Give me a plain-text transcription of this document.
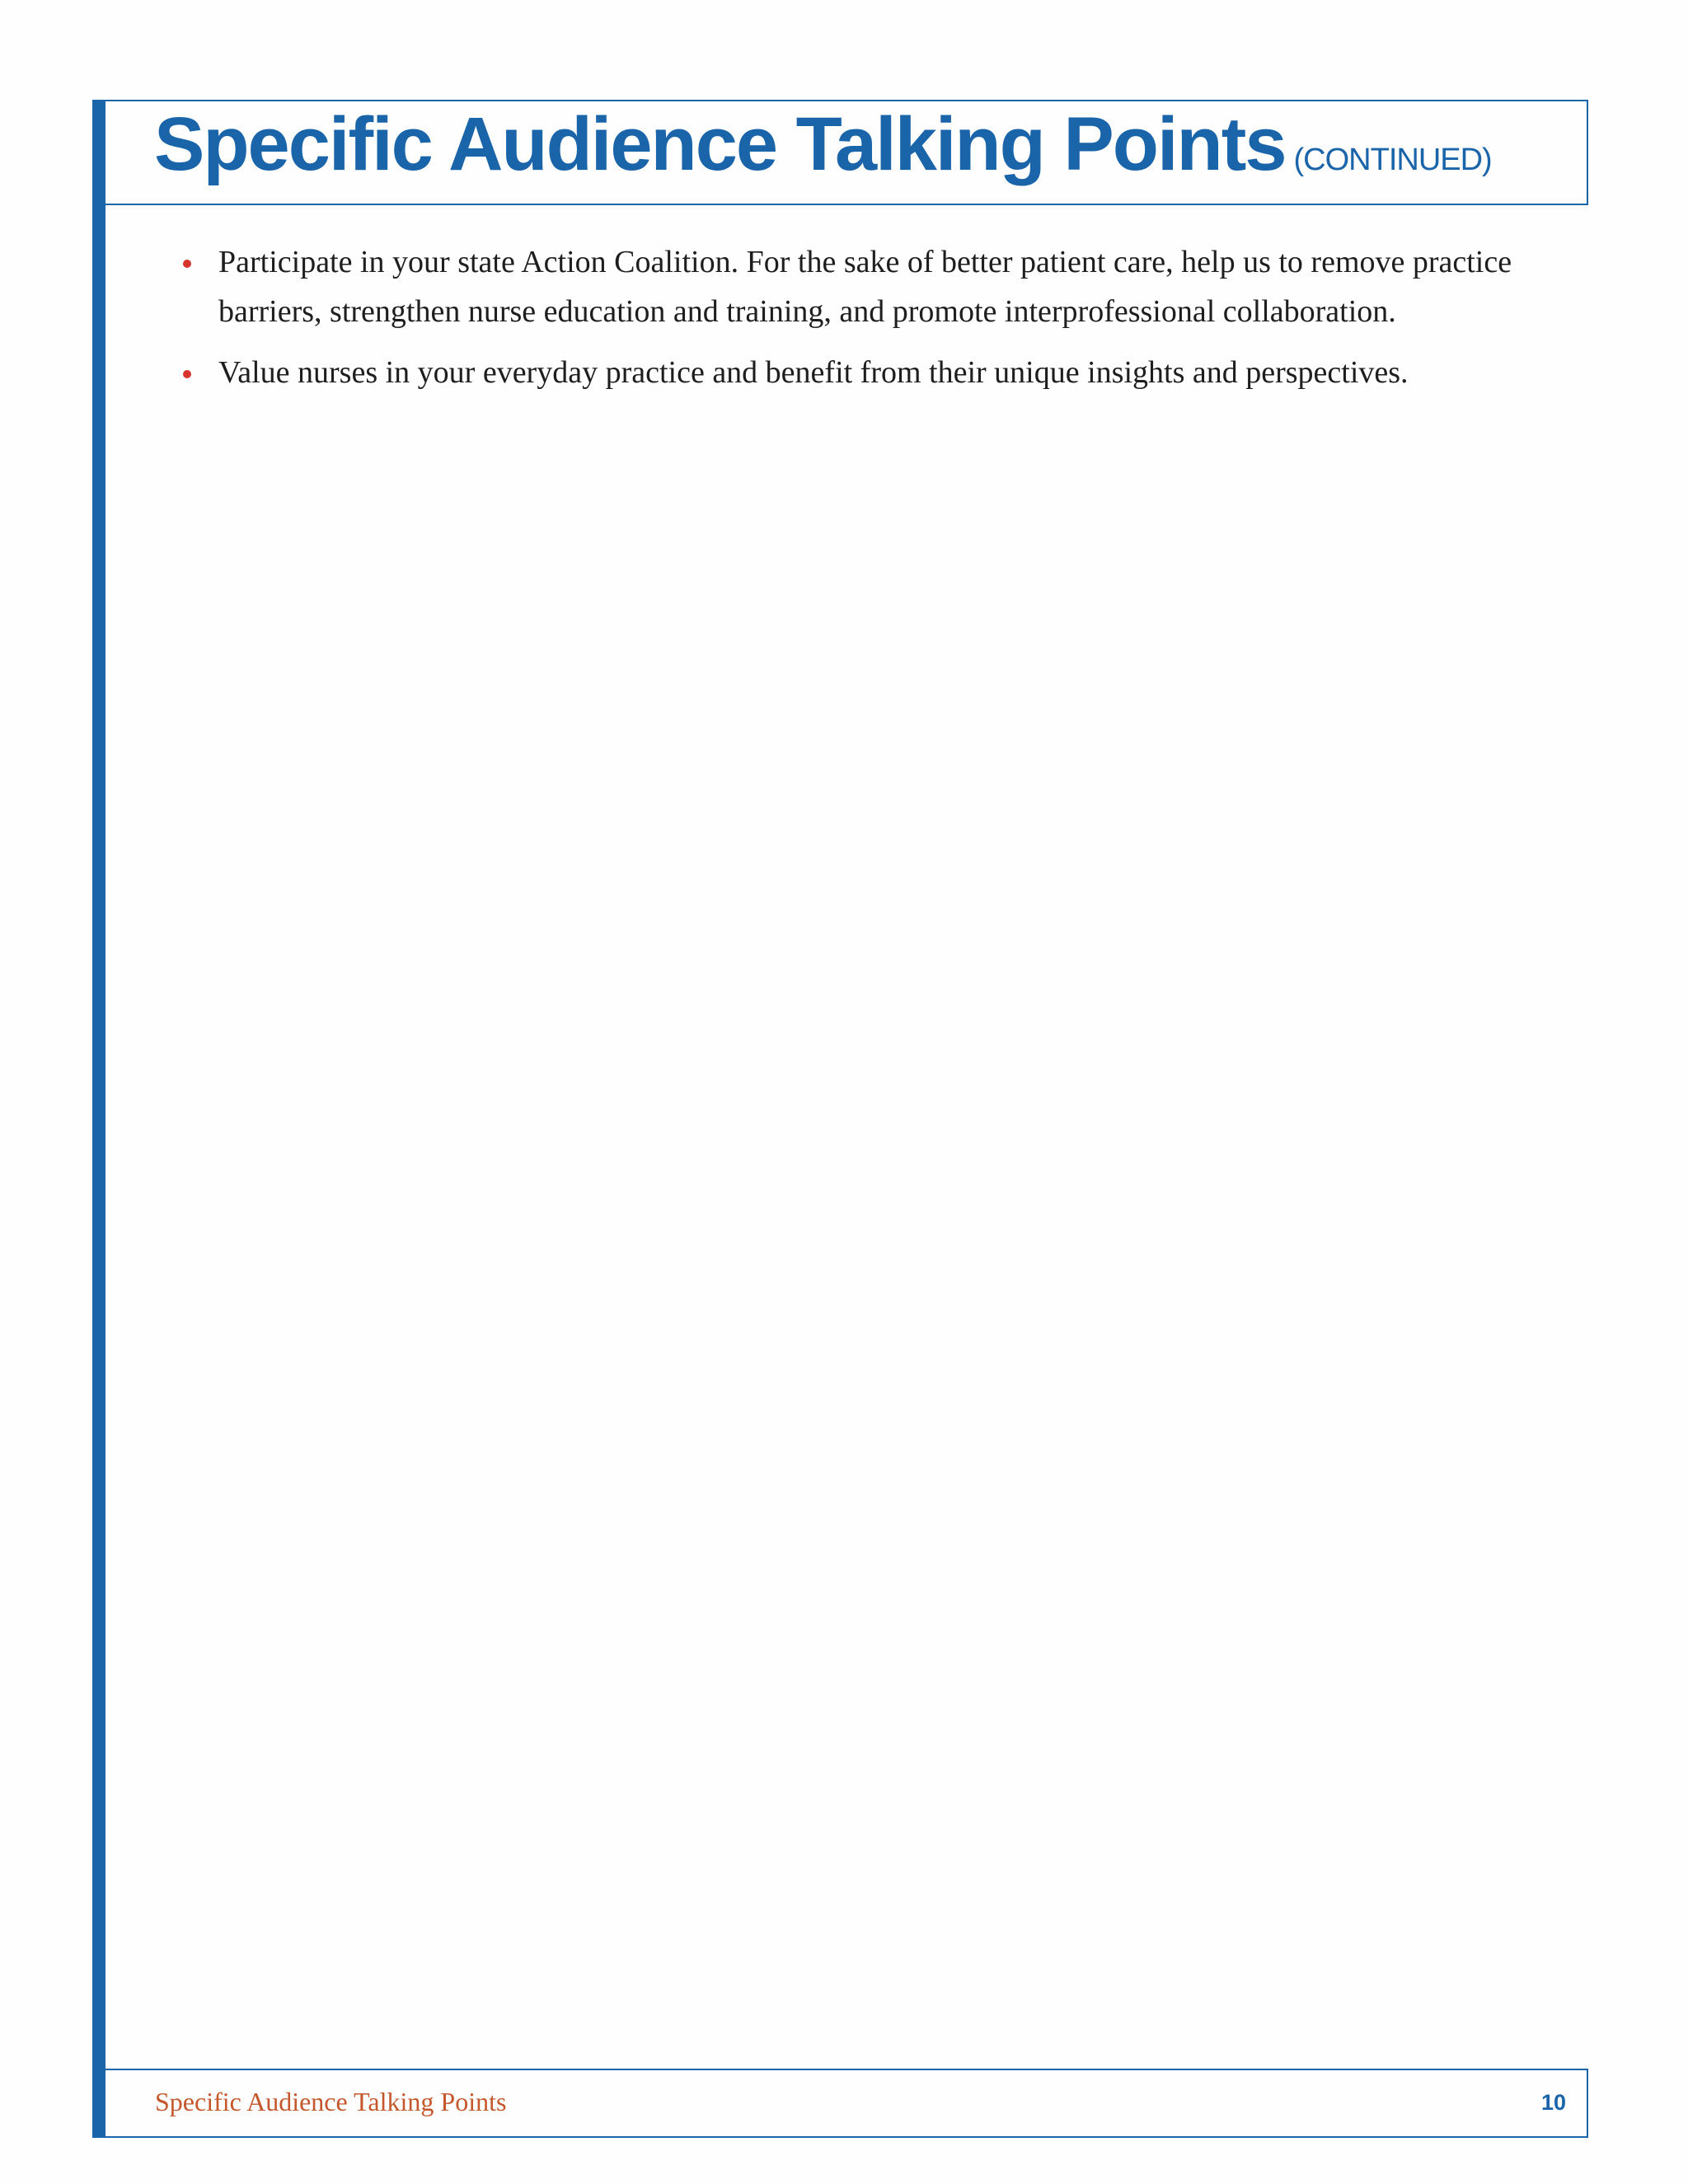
Specific Audience Talking Points (CONTINUED)
Participate in your state Action Coalition. For the sake of better patient care, help us to remove practice barriers, strengthen nurse education and training, and promote interprofessional collaboration.
Value nurses in your everyday practice and benefit from their unique insights and perspectives.
Specific Audience Talking Points	10
